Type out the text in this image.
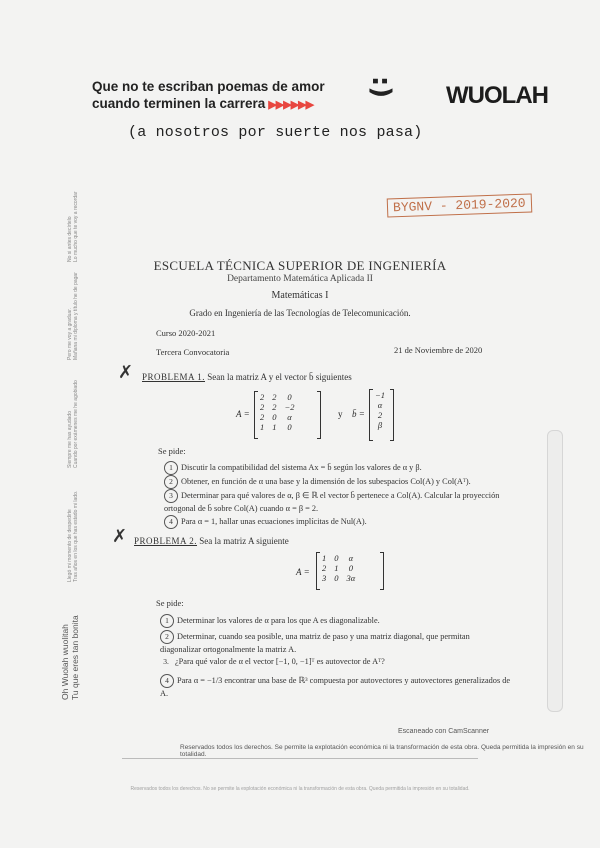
Que no te escriban poemas de amor
cuando terminen la carrera ▶▶▶▶▶▶
:) WUOLAH
(a nosotros por suerte nos pasa)
BYGNV - 2019-2020
No si antes decírtelo Lo mucho que te voy a recordar
Pero me voy a graduar. Mañana mi diploma y título he de pagar
Siempre me has ayudado Cuando por exámenes me he agobiado
Llegó mi momento de despedirte Tras años en los que has estado mi lado.
Oh Wuolah wuolitah Tu que eres tan bonita
ESCUELA TÉCNICA SUPERIOR DE INGENIERÍA
Departamento Matemática Aplicada II
Matemáticas I
Grado en Ingeniería de las Tecnologías de Telecomunicación.
Curso 2020-2021
Tercera Convocatoria	21 de Noviembre de 2020
✗ PROBLEMA 1. Sean la matriz A y el vector b̄ siguientes
A =
2	2	0
2	2	−2
2	0	α
1	1	0
y b̄ =
−1
α
2
β
Se pide:
1 Discutir la compatibilidad del sistema Ax = b̄ según los valores de α y β.
2 Obtener, en función de α una base y la dimensión de los subespacios Col(A) y Col(Aᵀ).
3 Determinar para qué valores de α, β ∈ ℝ el vector b̄ pertenece a Col(A). Calcular la proyección ortogonal de b̄ sobre Col(A) cuando α = β = 2.
4 Para α = 1, hallar unas ecuaciones implícitas de Nul(A).
✗ PROBLEMA 2. Sea la matriz A siguiente
A =
1	0	α
2	1	0
3	0	3α
Se pide:
1 Determinar los valores de α para los que A es diagonalizable.
2 Determinar, cuando sea posible, una matriz de paso y una matriz diagonal, que permitan diagonalizar ortogonalmente la matriz A.
3. ¿Para qué valor de α el vector [−1, 0, −1]ᵀ es autovector de Aᵀ?
4 Para α = −1/3 encontrar una base de ℝ³ compuesta por autovectores y autovectores generalizados de A.
Escaneado con CamScanner
Reservados todos los derechos. Se permite la explotación económica ni la transformación de esta obra. Queda permitida la impresión en su totalidad.
Reservados todos los derechos. No se permite la explotación económica ni la transformación de esta obra. Queda permitida la impresión en su totalidad.
